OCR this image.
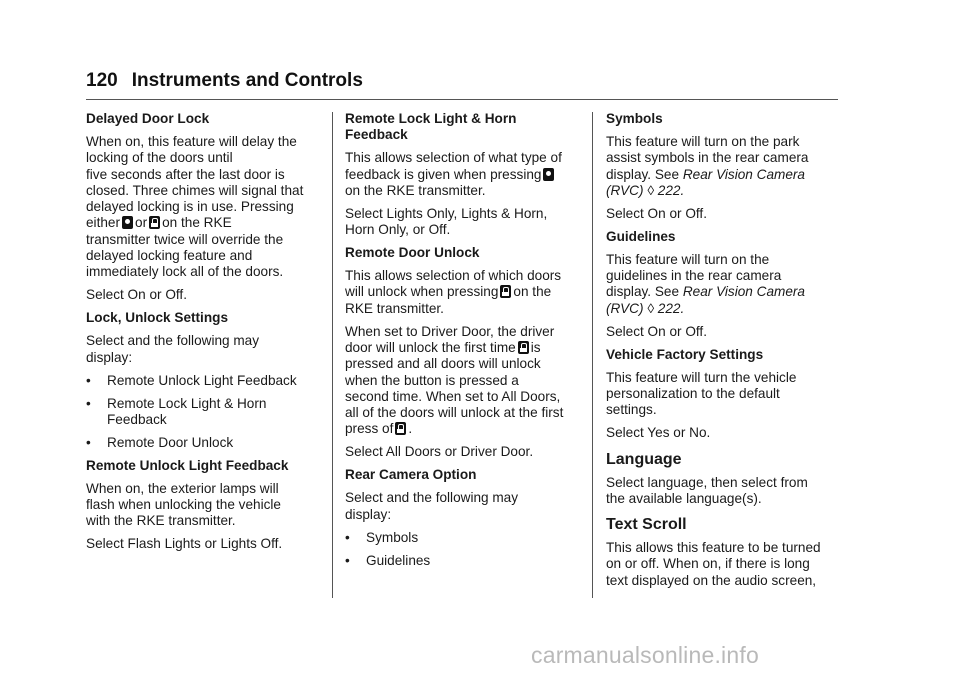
120 Instruments and Controls
Delayed Door Lock

When on, this feature will delay the
locking of the doors until
five seconds after the last door is
closed. Three chimes will signal that
delayed locking is in use. Pressing
either or on the RKE
transmitter twice will override the
delayed locking feature and
immediately lock all of the doors.

Select On or Off.

Lock, Unlock Settings

Select and the following may
display:

•	Remote Unlock Light Feedback
•	Remote Lock Light & Horn
Feedback
•	Remote Door Unlock
Remote Unlock Light Feedback

When on, the exterior lamps will
flash when unlocking the vehicle
with the RKE transmitter.

Select Flash Lights or Lights Off.

Remote Lock Light & Horn
Feedback

This allows selection of what type of
feedback is given when pressing
on the RKE transmitter.

Select Lights Only, Lights & Horn,
Horn Only, or Off.

Remote Door Unlock

This allows selection of which doors
will unlock when pressing on the
RKE transmitter.

When set to Driver Door, the driver
door will unlock the first time is
pressed and all doors will unlock
when the button is pressed a
second time. When set to All Doors,
all of the doors will unlock at the first
press of .

Select All Doors or Driver Door.

Rear Camera Option

Select and the following may
display:

•	Symbols
•	Guidelines
Symbols

This feature will turn on the park
assist symbols in the rear camera
display. See Rear Vision Camera
(RVC) ◊ 222.

Select On or Off.

Guidelines

This feature will turn on the
guidelines in the rear camera
display. See Rear Vision Camera
(RVC) ◊ 222.

Select On or Off.

Vehicle Factory Settings

This feature will turn the vehicle
personalization to the default
settings.

Select Yes or No.

Language

Select language, then select from
the available language(s).

Text Scroll

This allows this feature to be turned
on or off. When on, if there is long
text displayed on the audio screen,

carmanualsonline.info
